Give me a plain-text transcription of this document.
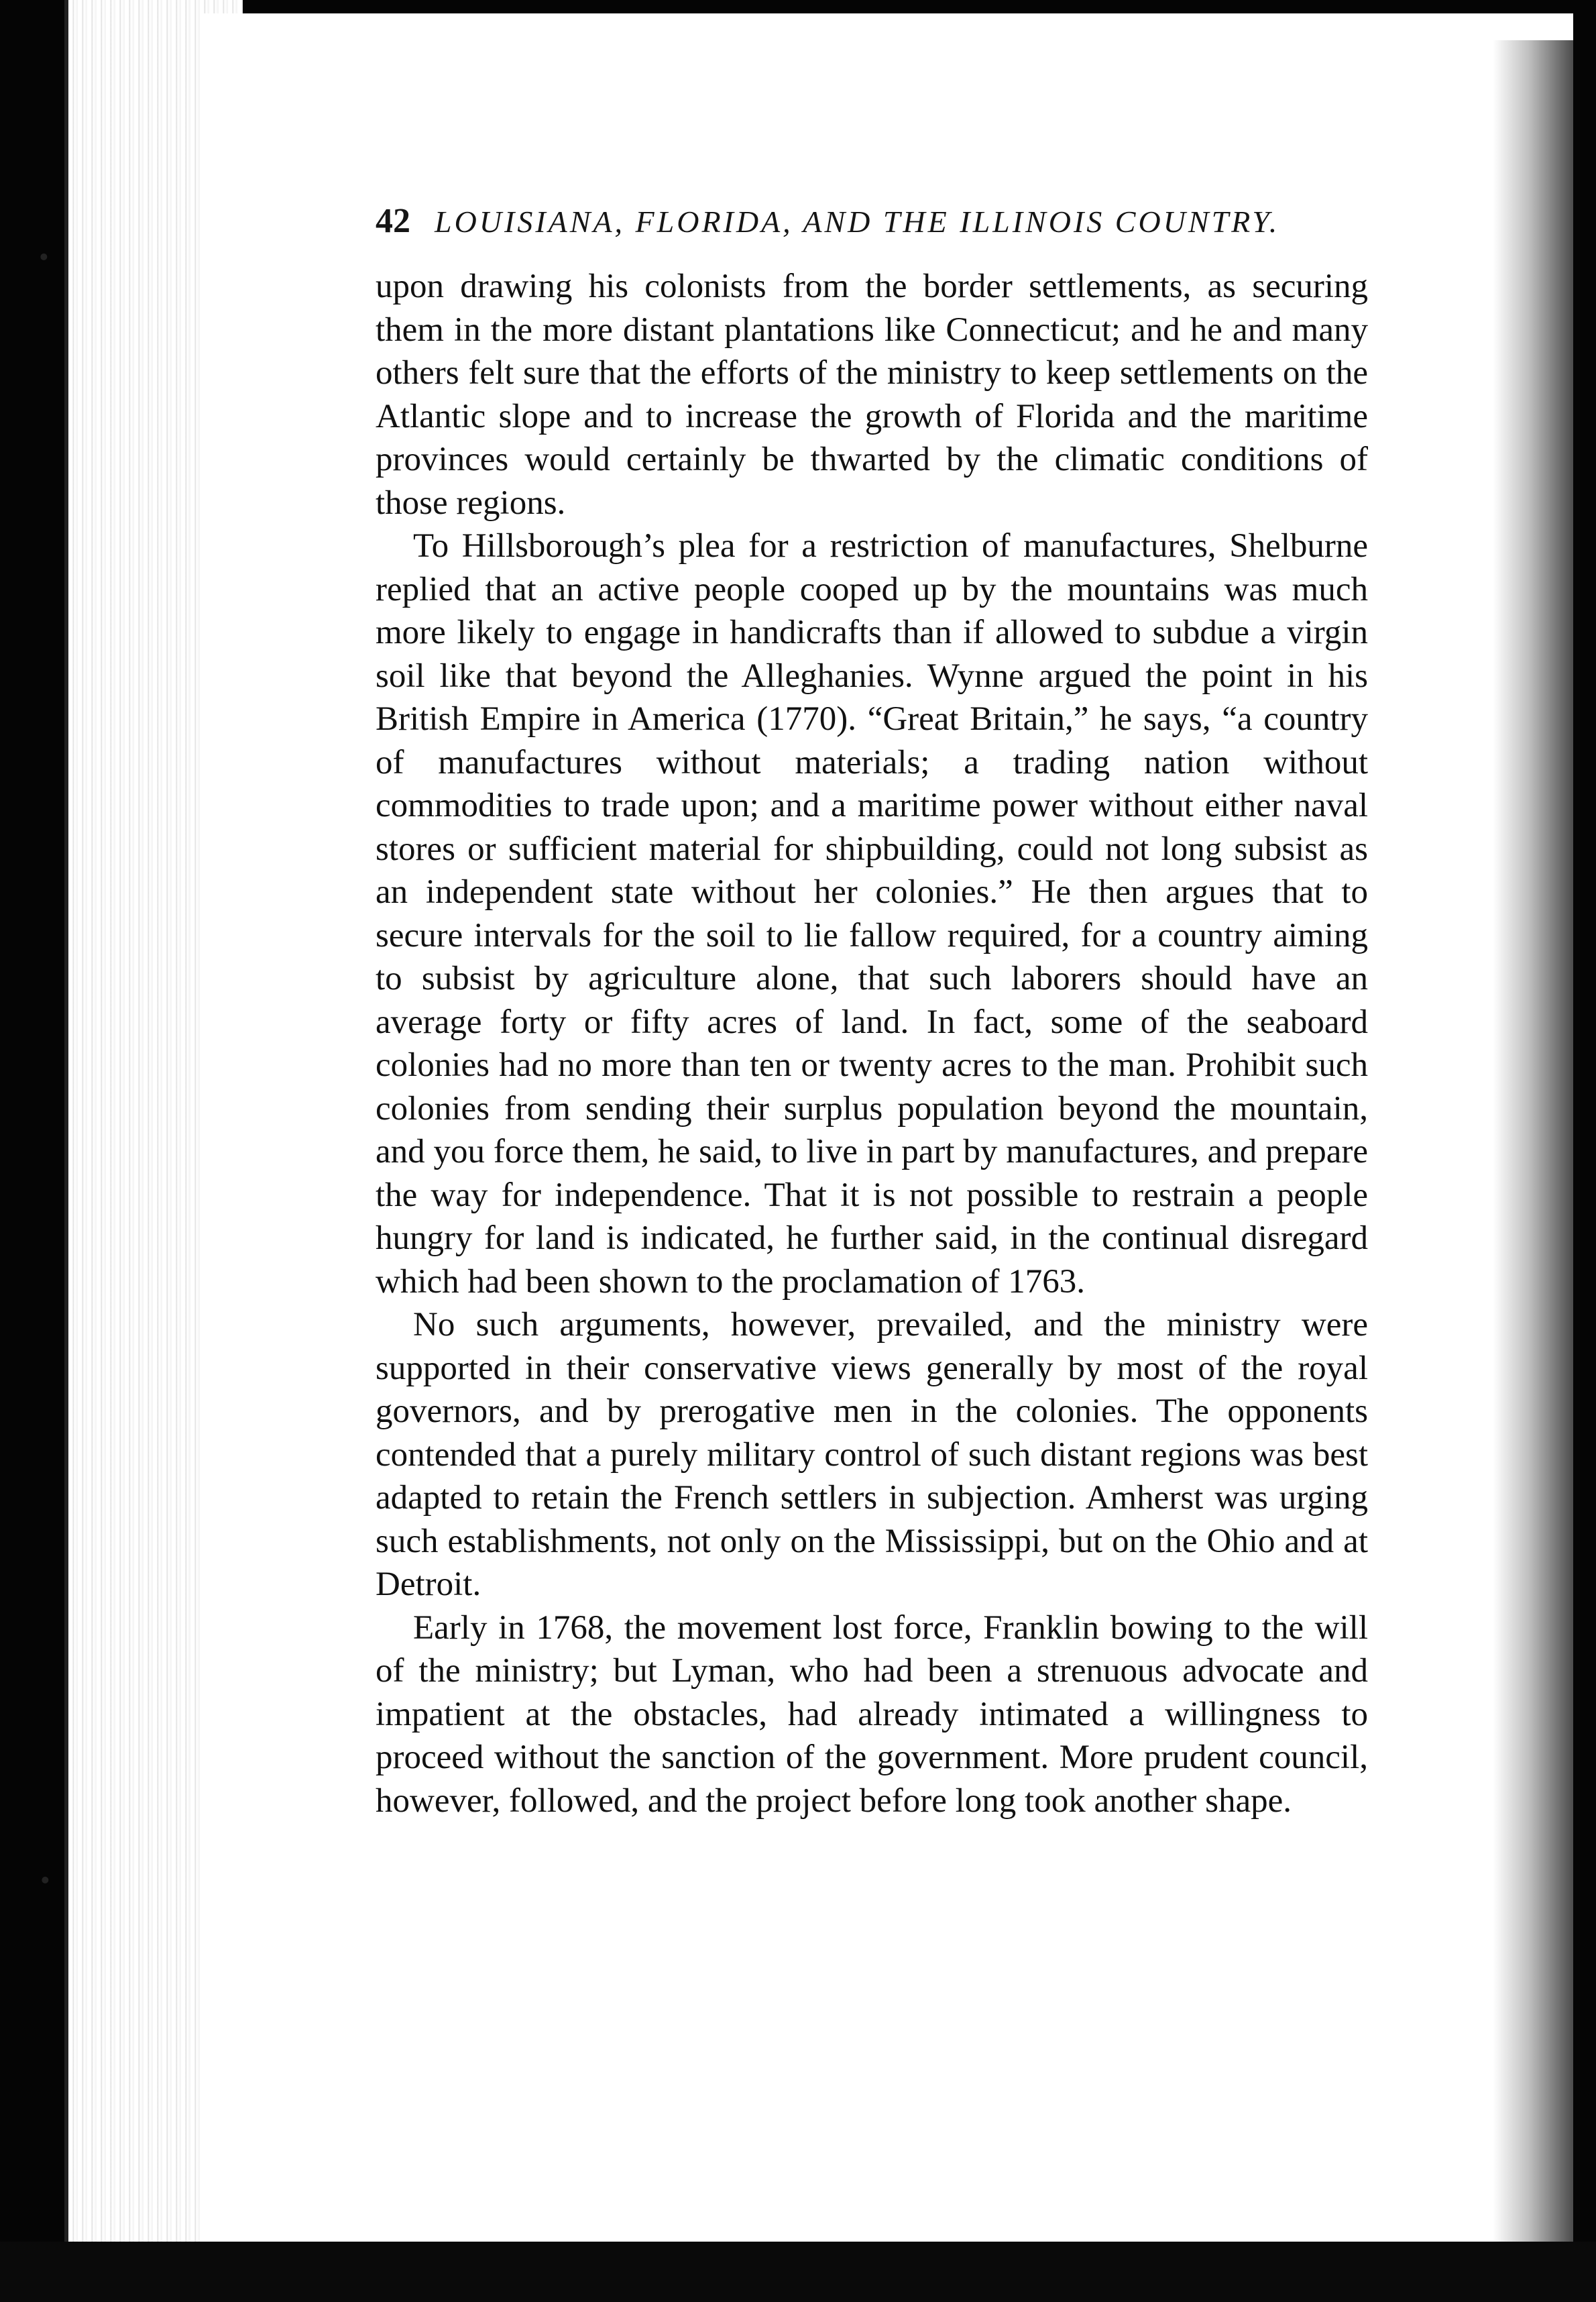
•
•
42 LOUISIANA, FLORIDA, AND THE ILLINOIS COUNTRY.

upon drawing his colonists from the border settlements, as securing them in the more distant plantations like Connecticut; and he and many others felt sure that the efforts of the ministry to keep settlements on the Atlantic slope and to increase the growth of Florida and the maritime provinces would certainly be thwarted by the climatic conditions of those regions.

To Hillsborough’s plea for a restriction of manufactures, Shelburne replied that an active people cooped up by the mountains was much more likely to engage in handicrafts than if allowed to subdue a virgin soil like that beyond the Alleghanies. Wynne argued the point in his British Empire in America (1770). “Great Britain,” he says, “a country of manufactures without materials; a trading nation without commodities to trade upon; and a maritime power without either naval stores or sufficient material for shipbuilding, could not long subsist as an independent state without her colonies.” He then argues that to secure intervals for the soil to lie fallow required, for a country aiming to subsist by agriculture alone, that such laborers should have an average forty or fifty acres of land. In fact, some of the seaboard colonies had no more than ten or twenty acres to the man. Prohibit such colonies from sending their surplus population beyond the mountain, and you force them, he said, to live in part by manufactures, and prepare the way for independence. That it is not possible to restrain a people hungry for land is indicated, he further said, in the continual disregard which had been shown to the proclamation of 1763.

No such arguments, however, prevailed, and the ministry were supported in their conservative views generally by most of the royal governors, and by prerogative men in the colonies. The opponents contended that a purely military control of such distant regions was best adapted to retain the French settlers in subjection. Amherst was urging such establishments, not only on the Mississippi, but on the Ohio and at Detroit.

Early in 1768, the movement lost force, Franklin bowing to the will of the ministry; but Lyman, who had been a strenuous advocate and impatient at the obstacles, had already intimated a willingness to proceed without the sanction of the government. More prudent council, however, followed, and the project before long took another shape.
